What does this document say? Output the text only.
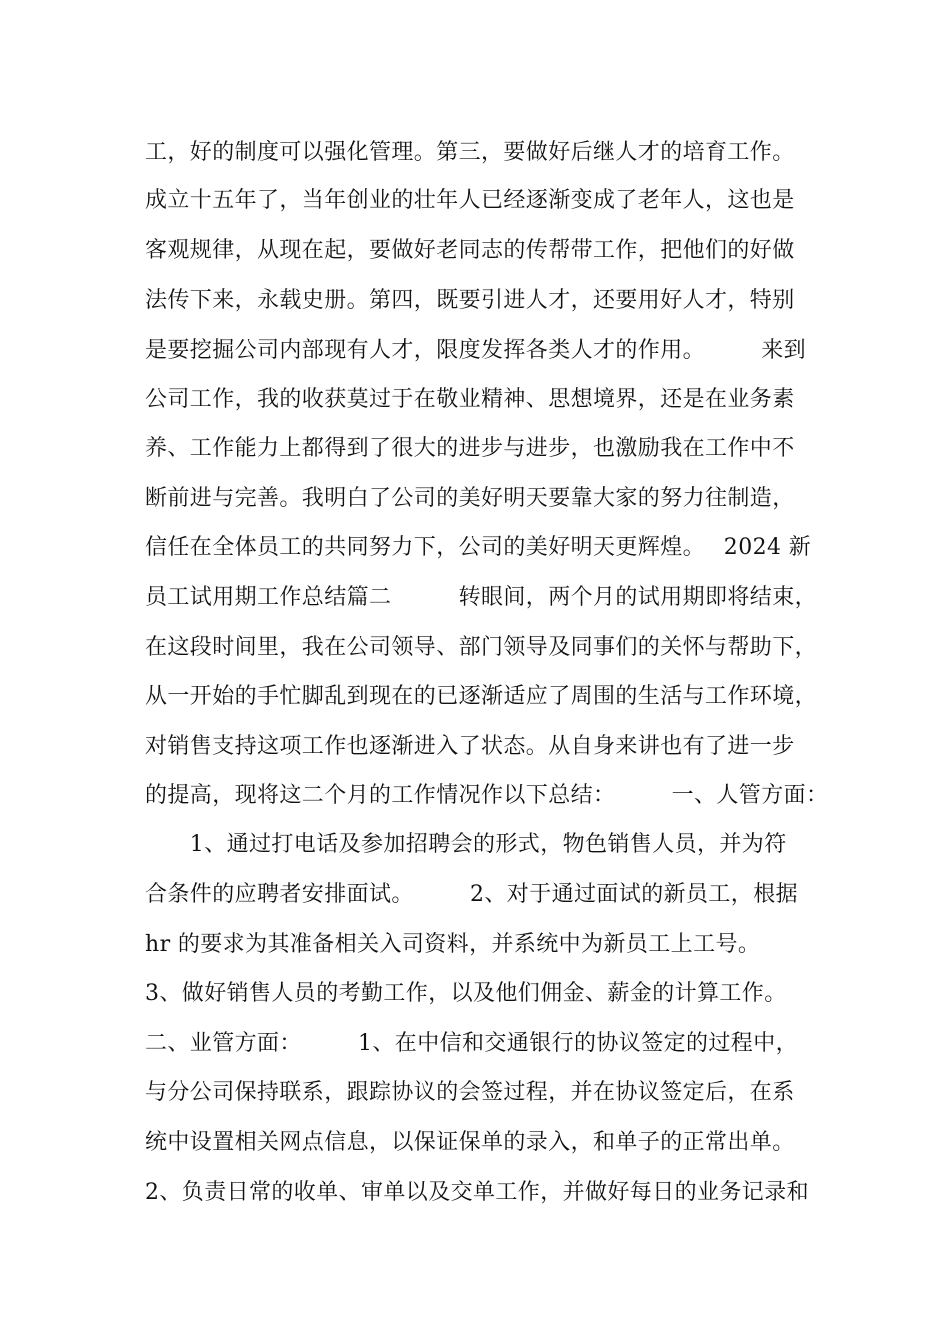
工，好的制度可以强化管理。第三，要做好后继人才的培育工作。
成立十五年了，当年创业的壮年人已经逐渐变成了老年人，这也是
客观规律，从现在起，要做好老同志的传帮带工作，把他们的好做
法传下来，永载史册。第四，既要引进人才，还要用好人才，特别
是要挖掘公司内部现有人才，限度发挥各类人才的作用。　　　来到
公司工作，我的收获莫过于在敬业精神、思想境界，还是在业务素
养、工作能力上都得到了很大的进步与进步，也激励我在工作中不
断前进与完善。我明白了公司的美好明天要靠大家的努力往制造，
信任在全体员工的共同努力下，公司的美好明天更辉煌。　 2024 新
员工试用期工作总结篇二　　　转眼间，两个月的试用期即将结束，
在这段时间里，我在公司领导、部门领导及同事们的关怀与帮助下，
从一开始的手忙脚乱到现在的已逐渐适应了周围的生活与工作环境，
对销售支持这项工作也逐渐进入了状态。从自身来讲也有了进一步
的提高，现将这二个月的工作情况作以下总结：　　　一、人管方面：
　　1、通过打电话及参加招聘会的形式，物色销售人员，并为符
合条件的应聘者安排面试。　　　2、对于通过面试的新员工，根据
hr 的要求为其准备相关入司资料，并系统中为新员工上工号。
3、做好销售人员的考勤工作，以及他们佣金、薪金的计算工作。
二、业管方面：　　　1、在中信和交通银行的协议签定的过程中，
与分公司保持联系，跟踪协议的会签过程，并在协议签定后，在系
统中设置相关网点信息，以保证保单的录入，和单子的正常出单。
2、负责日常的收单、审单以及交单工作，并做好每日的业务记录和
